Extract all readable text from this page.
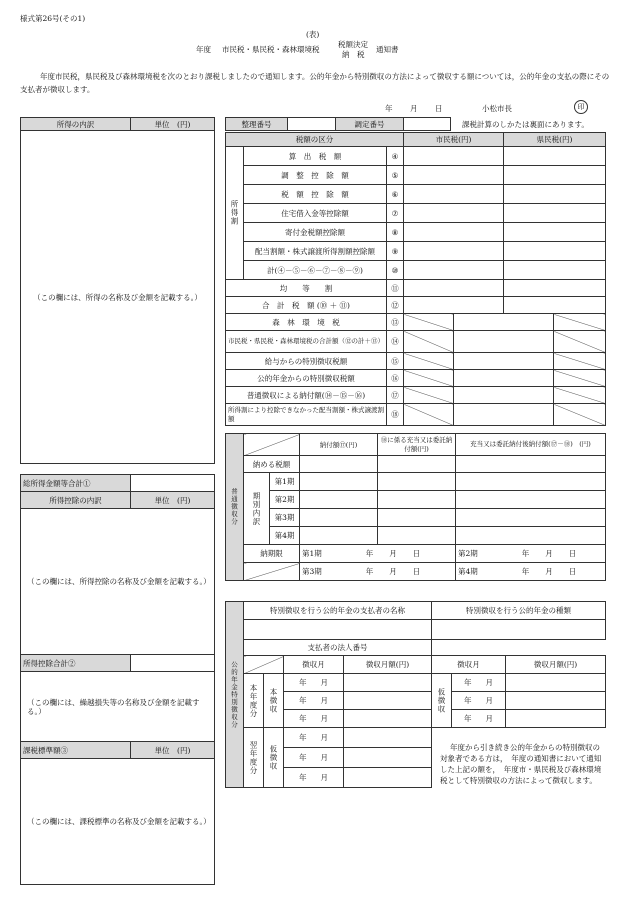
様式第26号(その1)
(表)
年度 市民税・県民税・森林環境税
税額決定
納　税
通知書
年度市民税，県民税及び森林環境税を次のとおり課税しましたので通知します。公的年金から特別徴収の方法によって徴収する額については，公的年金の支払の際にその支払者が徴収します。
年 月 日	小松市長	印
所得の内訳	単位　(円)
（この欄には、所得の名称及び金額を記載する。）
総所得金額等合計①	
所得控除の内訳	単位　(円)
（この欄には、所得控除の名称及び金額を記載する。）	
所得控除合計②	
（この欄には、繰越損失等の名称及び金額を記載する。）	
課税標準額③	単位　(円)
（この欄には、課税標準の名称及び金額を記載する。）	
整理番号		調定番号		課税計算のしかたは裏面にあります。
税額の区分			市民税(円)		県民税(円)	
所得割	算　出　税　額	④				
	調　整　控　除　額	⑤				
	税　額　控　除　額	⑥				
	住宅借入金等控除額	⑦				
	寄付金税額控除額	⑧				
	配当割額・株式譲渡所得割額控除額	⑨				
	計(④－⑤－⑥－⑦－⑧－⑨)	⑩				
均　　等　　割		⑪				
合　計　税　額 (⑩ ＋ ⑪)		⑫				
森　林　環　境　税		⑬				
市民税・県民税・森林環境税の合計額（⑫の計＋⑬）		⑭				
給与からの特別徴収税額		⑮				
公的年金からの特別徴収税額		⑯				
普通徴収による納付額(⑭－⑮－⑯)		⑰				
所得割により控除できなかった配当割額・株式譲渡割額		⑱				
普通徴収分			納付額⑰(円)	⑱に係る充当又は委託納付額(円)	充当又は委託納付後納付額(⑰－⑱)　(円)
	納める税額				
	期別内訳	第1期			
		第2期			
		第3期			
		第4期			
	納期限		第1期 年 月 日		第2期 年 月 日
			第3期 年 月 日		第4期 年 月 日
公的年金特別徴収分	特別徴収を行う公的年金の支払者の名称				特別徴収を行う公的年金の種類		

	支払者の法人番号						
			徴収月	徴収月額(円)	徴収月		徴収月額(円)
	本年度分	本徴収	年 月		仮徴収	年 月	
			年 月			年 月	
			年 月			年 月	
	翌年度分	仮徴収	年 月				
			年 月				
			年 月				
年度から引き続き公的年金からの特別徴収の対象者である方は，　年度の通知書において通知した上記の額を，　年度市・県民税及び森林環境税として特別徴収の方法によって徴収します。
